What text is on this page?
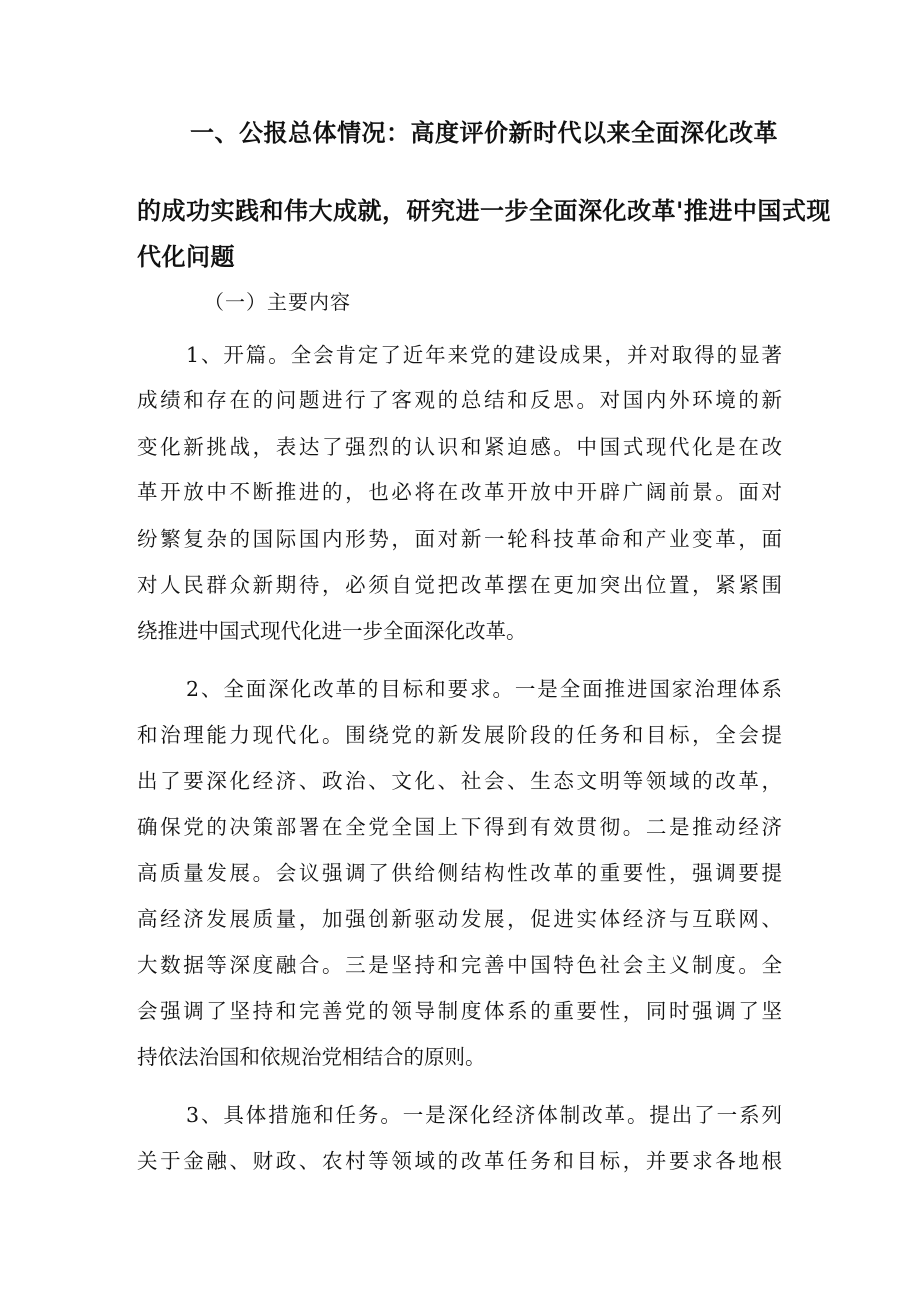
一、公报总体情况：高度评价新时代以来全面深化改革
的成功实践和伟大成就，研究进一步全面深化改革'推进中国式现
代化问题
（一）主要内容
1、开篇。全会肯定了近年来党的建设成果，并对取得的显著
成绩和存在的问题进行了客观的总结和反思。对国内外环境的新
变化新挑战，表达了强烈的认识和紧迫感。中国式现代化是在改
革开放中不断推进的，也必将在改革开放中开辟广阔前景。面对
纷繁复杂的国际国内形势，面对新一轮科技革命和产业变革，面
对人民群众新期待，必须自觉把改革摆在更加突出位置，紧紧围
绕推进中国式现代化进一步全面深化改革。
2、全面深化改革的目标和要求。一是全面推进国家治理体系
和治理能力现代化。围绕党的新发展阶段的任务和目标，全会提
出了要深化经济、政治、文化、社会、生态文明等领域的改革，
确保党的决策部署在全党全国上下得到有效贯彻。二是推动经济
高质量发展。会议强调了供给侧结构性改革的重要性，强调要提
高经济发展质量，加强创新驱动发展，促进实体经济与互联网、
大数据等深度融合。三是坚持和完善中国特色社会主义制度。全
会强调了坚持和完善党的领导制度体系的重要性，同时强调了坚
持依法治国和依规治党相结合的原则。
3、具体措施和任务。一是深化经济体制改革。提出了一系列
关于金融、财政、农村等领域的改革任务和目标，并要求各地根
